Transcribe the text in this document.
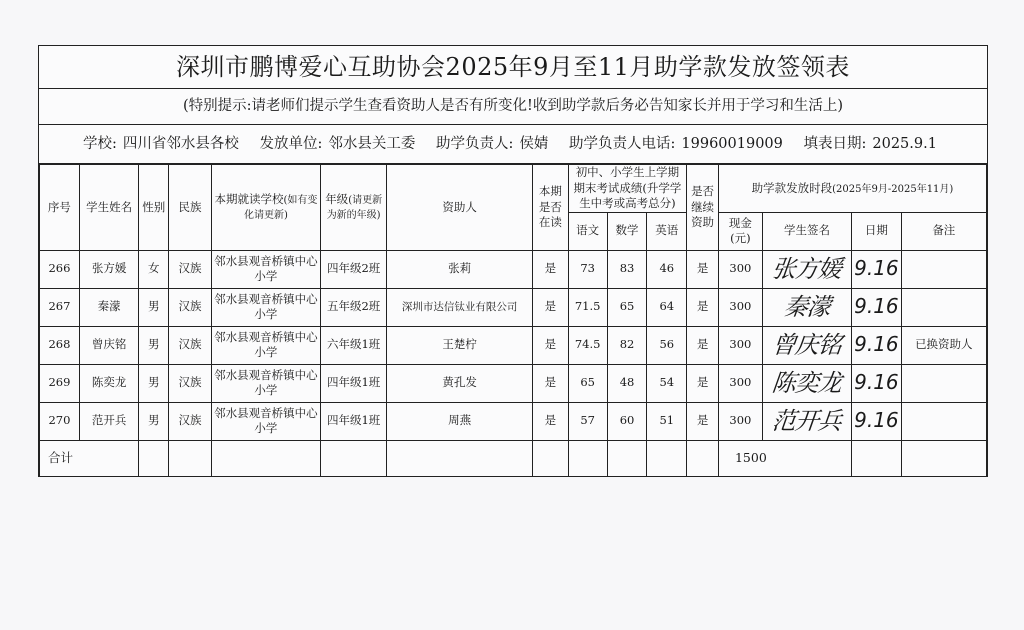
深圳市鹏博爱心互助协会2025年9月至11月助学款发放签领表
(特别提示:请老师们提示学生查看资助人是否有所变化!收到助学款后务必告知家长并用于学习和生活上)
学校: 四川省邻水县各校 发放单位: 邻水县关工委 助学负责人: 侯婧 助学负责人电话: 19960019009 填表日期: 2025.9.1
序号	学生姓名	性别	民族	本期就读学校(如有变化请更新)	年级(请更新为新的年级)	资助人	本期是否在读	初中、小学生上学期期末考试成绩(升学学生中考或高考总分)			是否继续资助	助学款发放时段(2025年9月-2025年11月)			
								语文	数学	英语		现金(元)	学生签名	日期	备注
266	张方媛	女	汉族	邻水县观音桥镇中心小学	四年级2班	张莉	是	73	83	46	是	300	张方媛	9.16	
267	秦濛	男	汉族	邻水县观音桥镇中心小学	五年级2班	深圳市达信钛业有限公司	是	71.5	65	64	是	300	秦濛	9.16	
268	曾庆铭	男	汉族	邻水县观音桥镇中心小学	六年级1班	王楚柠	是	74.5	82	56	是	300	曾庆铭	9.16	已换资助人
269	陈奕龙	男	汉族	邻水县观音桥镇中心小学	四年级1班	黄孔发	是	65	48	54	是	300	陈奕龙	9.16	
270	范开兵	男	汉族	邻水县观音桥镇中心小学	四年级1班	周燕	是	57	60	51	是	300	范开兵	9.16	
合计												1500			
